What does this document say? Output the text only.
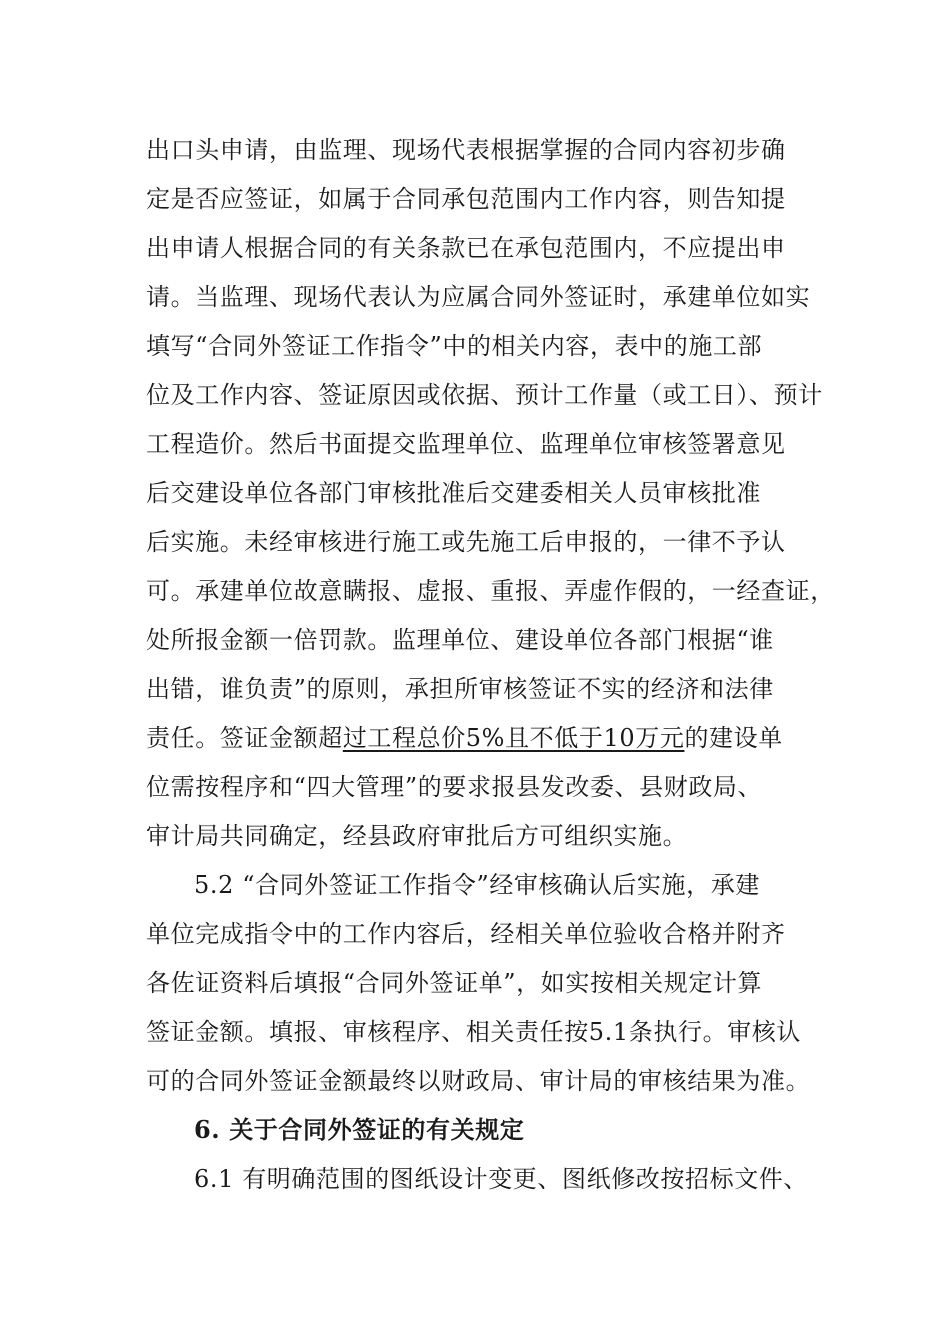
出口头申请，由监理、现场代表根据掌握的合同内容初步确
定是否应签证，如属于合同承包范围内工作内容，则告知提
出申请人根据合同的有关条款已在承包范围内，不应提出申
请。当监理、现场代表认为应属合同外签证时，承建单位如实
填写“合同外签证工作指令”中的相关内容，表中的施工部
位及工作内容、签证原因或依据、预计工作量（或工日）、预计
工程造价。然后书面提交监理单位、监理单位审核签署意见
后交建设单位各部门审核批准后交建委相关人员审核批准
后实施。未经审核进行施工或先施工后申报的，一律不予认
可。承建单位故意瞒报、虚报、重报、弄虚作假的，一经查证，
处所报金额一倍罚款。监理单位、建设单位各部门根据“谁
出错，谁负责”的原则，承担所审核签证不实的经济和法律
责任。签证金额超过工程总价5%且不低于10万元的建设单
位需按程序和“四大管理”的要求报县发改委、县财政局、
审计局共同确定，经县政府审批后方可组织实施。
5.2 “合同外签证工作指令”经审核确认后实施，承建
单位完成指令中的工作内容后，经相关单位验收合格并附齐
各佐证资料后填报“合同外签证单”，如实按相关规定计算
签证金额。填报、审核程序、相关责任按5.1条执行。审核认
可的合同外签证金额最终以财政局、审计局的审核结果为准。
6. 关于合同外签证的有关规定
6.1 有明确范围的图纸设计变更、图纸修改按招标文件、
